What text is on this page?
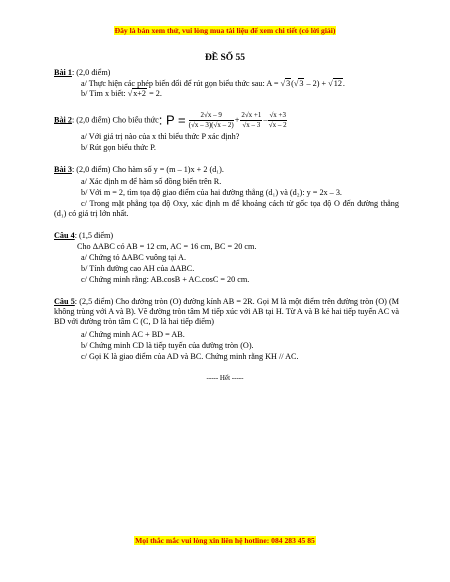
Đây là bản xem thử, vui lòng mua tài liệu để xem chi tiết (có lời giải)
ĐỀ SỐ 55
Bài 1: (2,0 điểm)
a/ Thực hiện các phép biến đổi để rút gọn biểu thức sau: A = √3(√3 – 2) + √12.
b/ Tìm x biết: √x+2 = 2.
Bài 2: (2,0 điểm) Cho biểu thức: $P = \frac{2√x - 9}{(√x - 3)(√x - 2)} + \frac{2√x +1}{√x - 3} - \frac{√x +3}{√x - 2}$
a/ Với giá trị nào của x thì biểu thức P xác định?
b/ Rút gọn biểu thức P.
Bài 3: (2,0 điểm) Cho hàm số y = (m – 1)x + 2 (d₁).
a/ Xác định m để hàm số đồng biến trên R.
b/ Với m = 2, tìm tọa độ giao điểm của hai đường thẳng (d₁) và (d₂): y = 2x – 3.
c/ Trong mặt phẳng tọa độ Oxy, xác định m để khoảng cách từ gốc tọa độ O đến đường thẳng (d₁) có giá trị lớn nhất.
Câu 4: (1,5 điểm)
Cho ΔABC có AB = 12 cm, AC = 16 cm, BC = 20 cm.
a/ Chứng tỏ ΔABC vuông tại A.
b/ Tính đường cao AH của ΔABC.
c/ Chứng minh rằng: AB.cosB + AC.cosC = 20 cm.
Câu 5: (2,5 điểm) Cho đường tròn (O) đường kính AB = 2R. Gọi M là một điểm trên đường tròn (O) (M không trùng với A và B). Vẽ đường tròn tâm M tiếp xúc với AB tại H. Từ A và B kẻ hai tiếp tuyến AC và BD với đường tròn tâm C (C, D là hai tiếp điểm)
a/ Chứng minh AC + BD = AB.
b/ Chứng minh CD là tiếp tuyến của đường tròn (O).
c/ Gọi K là giao điểm của AD và BC. Chứng minh rằng KH // AC.
----- Hết -----
Mọi thắc mắc vui lòng xin liên hệ hotline: 084 283 45 85
